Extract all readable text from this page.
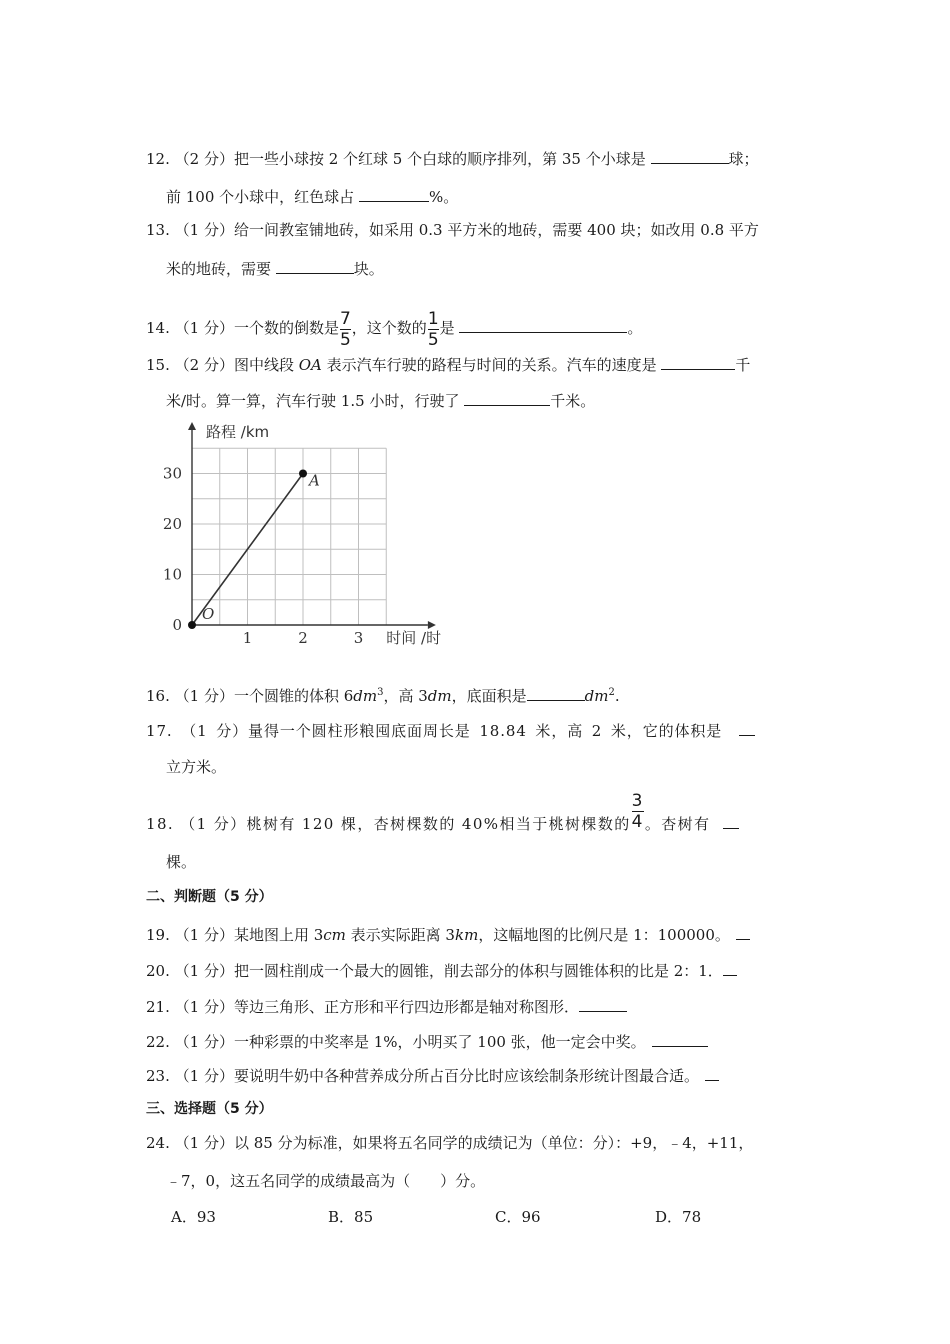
12. （2 分）把一些小球按 2 个红球 5 个白球的顺序排列，第 35 个小球是	球；
前 100 个小球中，红色球占	%。
13. （1 分）给一间教室铺地砖，如采用 0.3 平方米的地砖，需要 400 块；如改用 0.8 平方
米的地砖，需要	块。
14. （1 分）一个数的倒数是 $\frac{7}{5}$ ，这个数的 $\frac{1}{5}$ 是	。
15. （2 分）图中线段 OA 表示汽车行驶的路程与时间的关系。汽车的速度是	千
米/时。算一算，汽车行驶 1.5 小时，行驶了	千米。
1	2	3
0
10
20
30
路程 /km
时间 /时
O
A
16. （1 分）一个圆锥的体积 $6dm^3$，高 3dm，底面积是	$dm^2$.
17. （1 分）量得一个圆柱形粮囤底面周长是 18.84 米，高 2 米，它的体积是
立方米。
18. （1 分）桃树有 120 棵，杏树棵数的 40%相当于桃树棵数的 $\frac{3}{4}$ 。杏树有
棵。
二、判断题（5 分）
19. （1 分）某地图上用 3cm 表示实际距离 3km，这幅地图的比例尺是 1：100000。
20. （1 分）把一圆柱削成一个最大的圆锥，削去部分的体积与圆锥体积的比是 2：1．
21. （1 分）等边三角形、正方形和平行四边形都是轴对称图形．
22. （1 分）一种彩票的中奖率是 1%，小明买了 100 张，他一定会中奖。
23. （1 分）要说明牛奶中各种营养成分所占百分比时应该绘制条形统计图最合适。
三、选择题（5 分）
24. （1 分）以 85 分为标准，如果将五名同学的成绩记为（单位：分）：+9，﹣4，+11，
﹣7，0，这五名同学的成绩最高为（　　）分。
A．93	B．85	C．96	D．78
